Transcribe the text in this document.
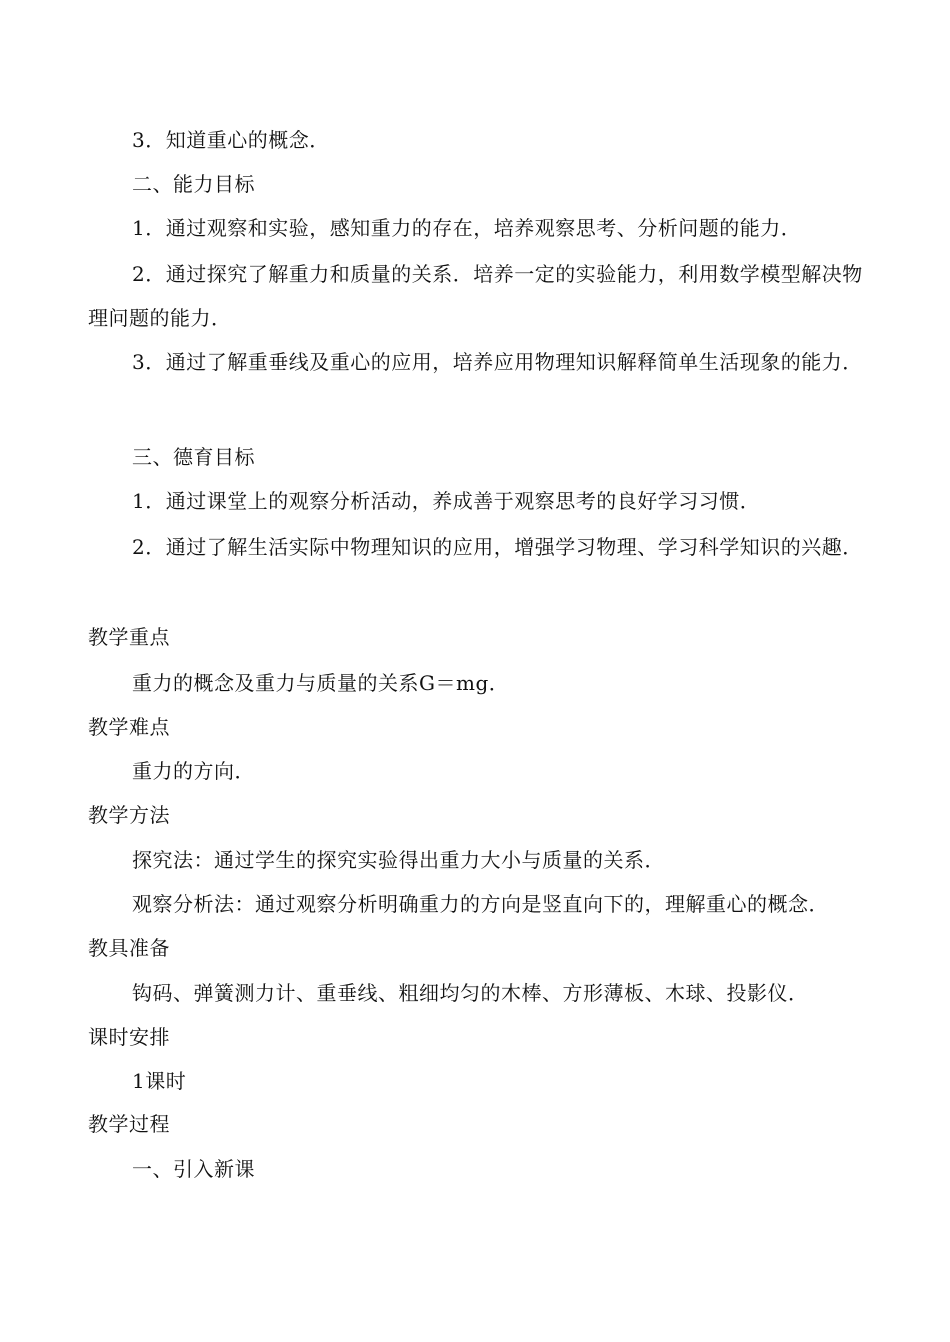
3．知道重心的概念．
二、能力目标
1．通过观察和实验，感知重力的存在，培养观察思考、分析问题的能力．
2．通过探究了解重力和质量的关系．培养一定的实验能力，利用数学模型解决物理问题的能力．
3．通过了解重垂线及重心的应用，培养应用物理知识解释简单生活现象的能力．
三、德育目标
1．通过课堂上的观察分析活动，养成善于观察思考的良好学习习惯．
2．通过了解生活实际中物理知识的应用，增强学习物理、学习科学知识的兴趣．
教学重点
重力的概念及重力与质量的关系G＝mg．
教学难点
重力的方向．
教学方法
探究法：通过学生的探究实验得出重力大小与质量的关系．
观察分析法：通过观察分析明确重力的方向是竖直向下的，理解重心的概念．
教具准备
钩码、弹簧测力计、重垂线、粗细均匀的木棒、方形薄板、木球、投影仪．
课时安排
1课时
教学过程
一、引入新课
